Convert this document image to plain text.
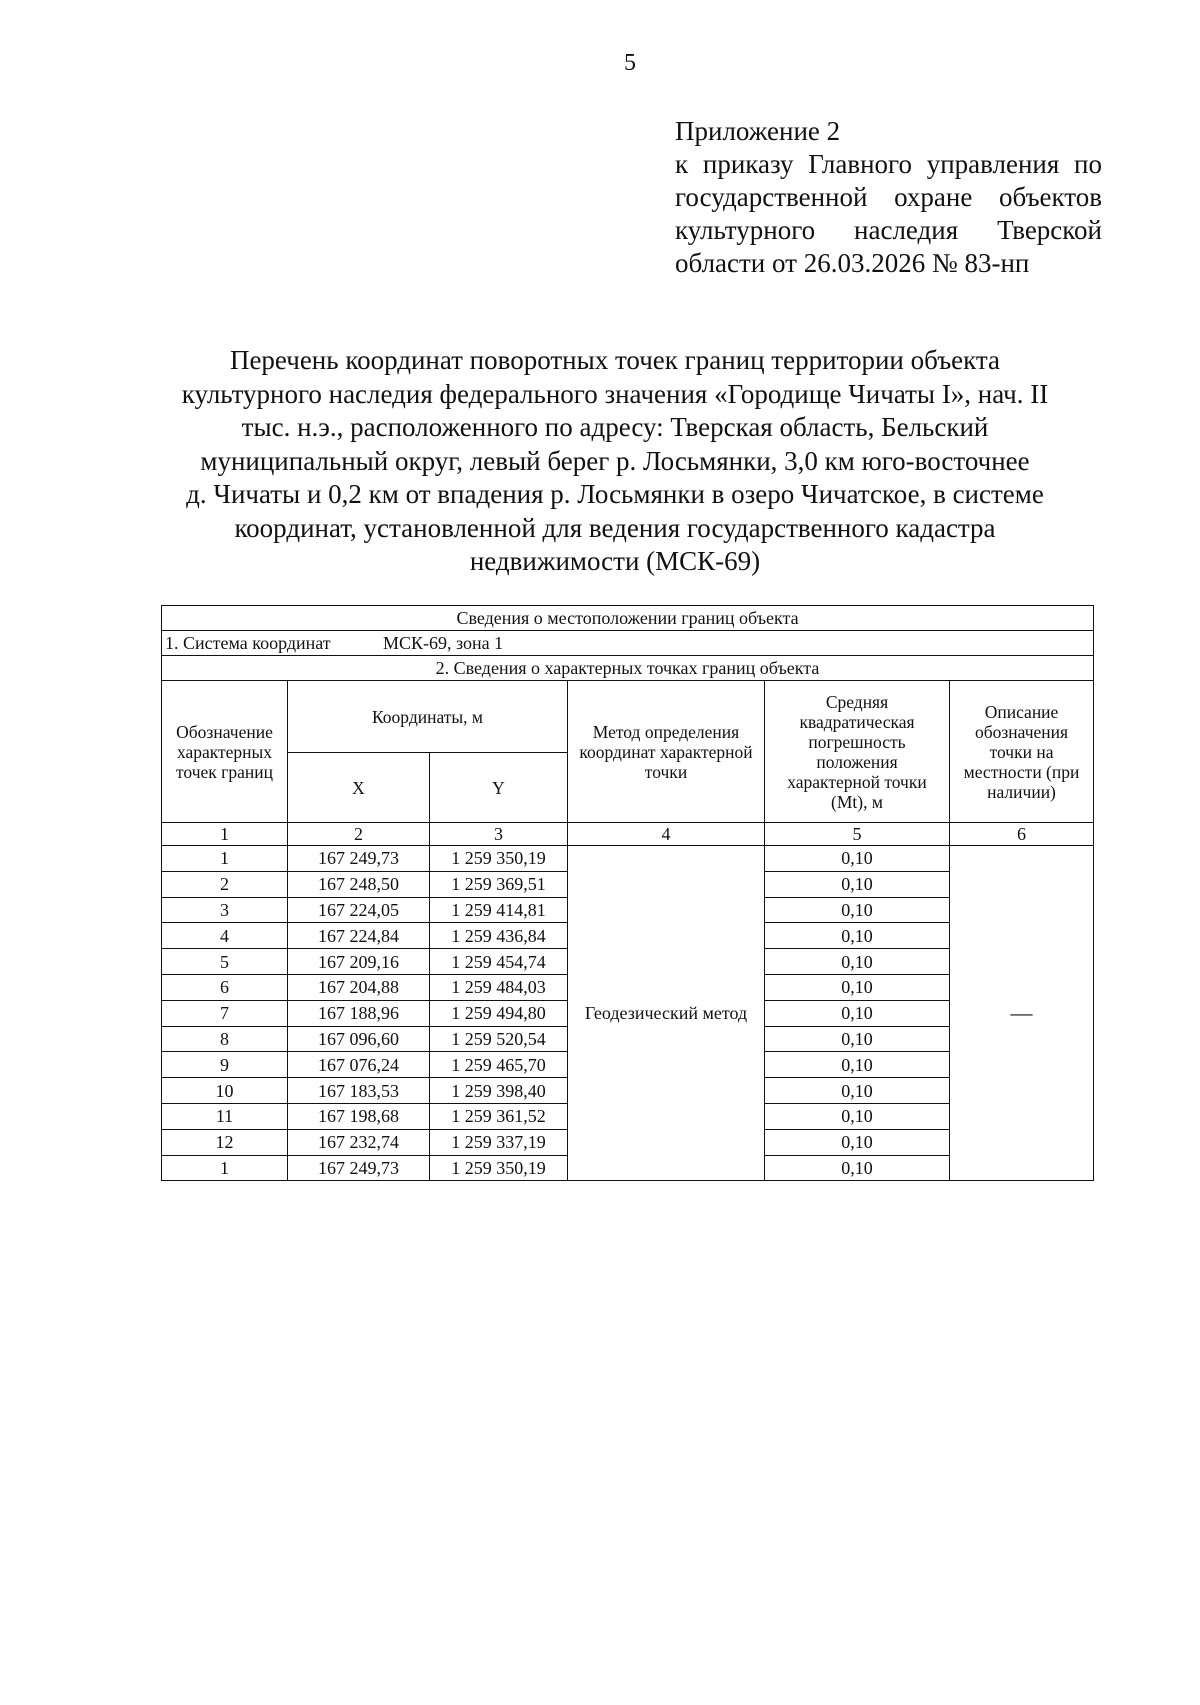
5
Приложение 2
к приказу Главного управления по
государственной охране объектов
культурного наследия Тверской
области от 26.03.2026 № 83-нп
Перечень координат поворотных точек границ территории объекта
культурного наследия федерального значения «Городище Чичаты I», нач. II
тыс. н.э., расположенного по адресу: Тверская область, Бельский
муниципальный округ, левый берег р. Лосьмянки, 3,0 км юго-восточнее
д. Чичаты и 0,2 км от впадения р. Лосьмянки в озеро Чичатское, в системе
координат, установленной для ведения государственного кадастра
недвижимости (МСК-69)
Сведения о местоположении границ объекта					
1. Система координат МСК-69, зона 1					
2. Сведения о характерных точках границ объекта					
Обозначение характерных точек границ	Координаты, м		Метод определения координат характерной точки	Средняя квадратическая погрешность положения характерной точки (Mt), м	Описание обозначения точки на местности (при наличии)
	X	Y			
1	2	3	4	5	6
1	167 249,73	1 259 350,19	Геодезический метод	0,10	—
2	167 248,50	1 259 369,51		0,10	
3	167 224,05	1 259 414,81		0,10	
4	167 224,84	1 259 436,84		0,10	
5	167 209,16	1 259 454,74		0,10	
6	167 204,88	1 259 484,03		0,10	
7	167 188,96	1 259 494,80		0,10	
8	167 096,60	1 259 520,54		0,10	
9	167 076,24	1 259 465,70		0,10	
10	167 183,53	1 259 398,40		0,10	
11	167 198,68	1 259 361,52		0,10	
12	167 232,74	1 259 337,19		0,10	
1	167 249,73	1 259 350,19		0,10	
